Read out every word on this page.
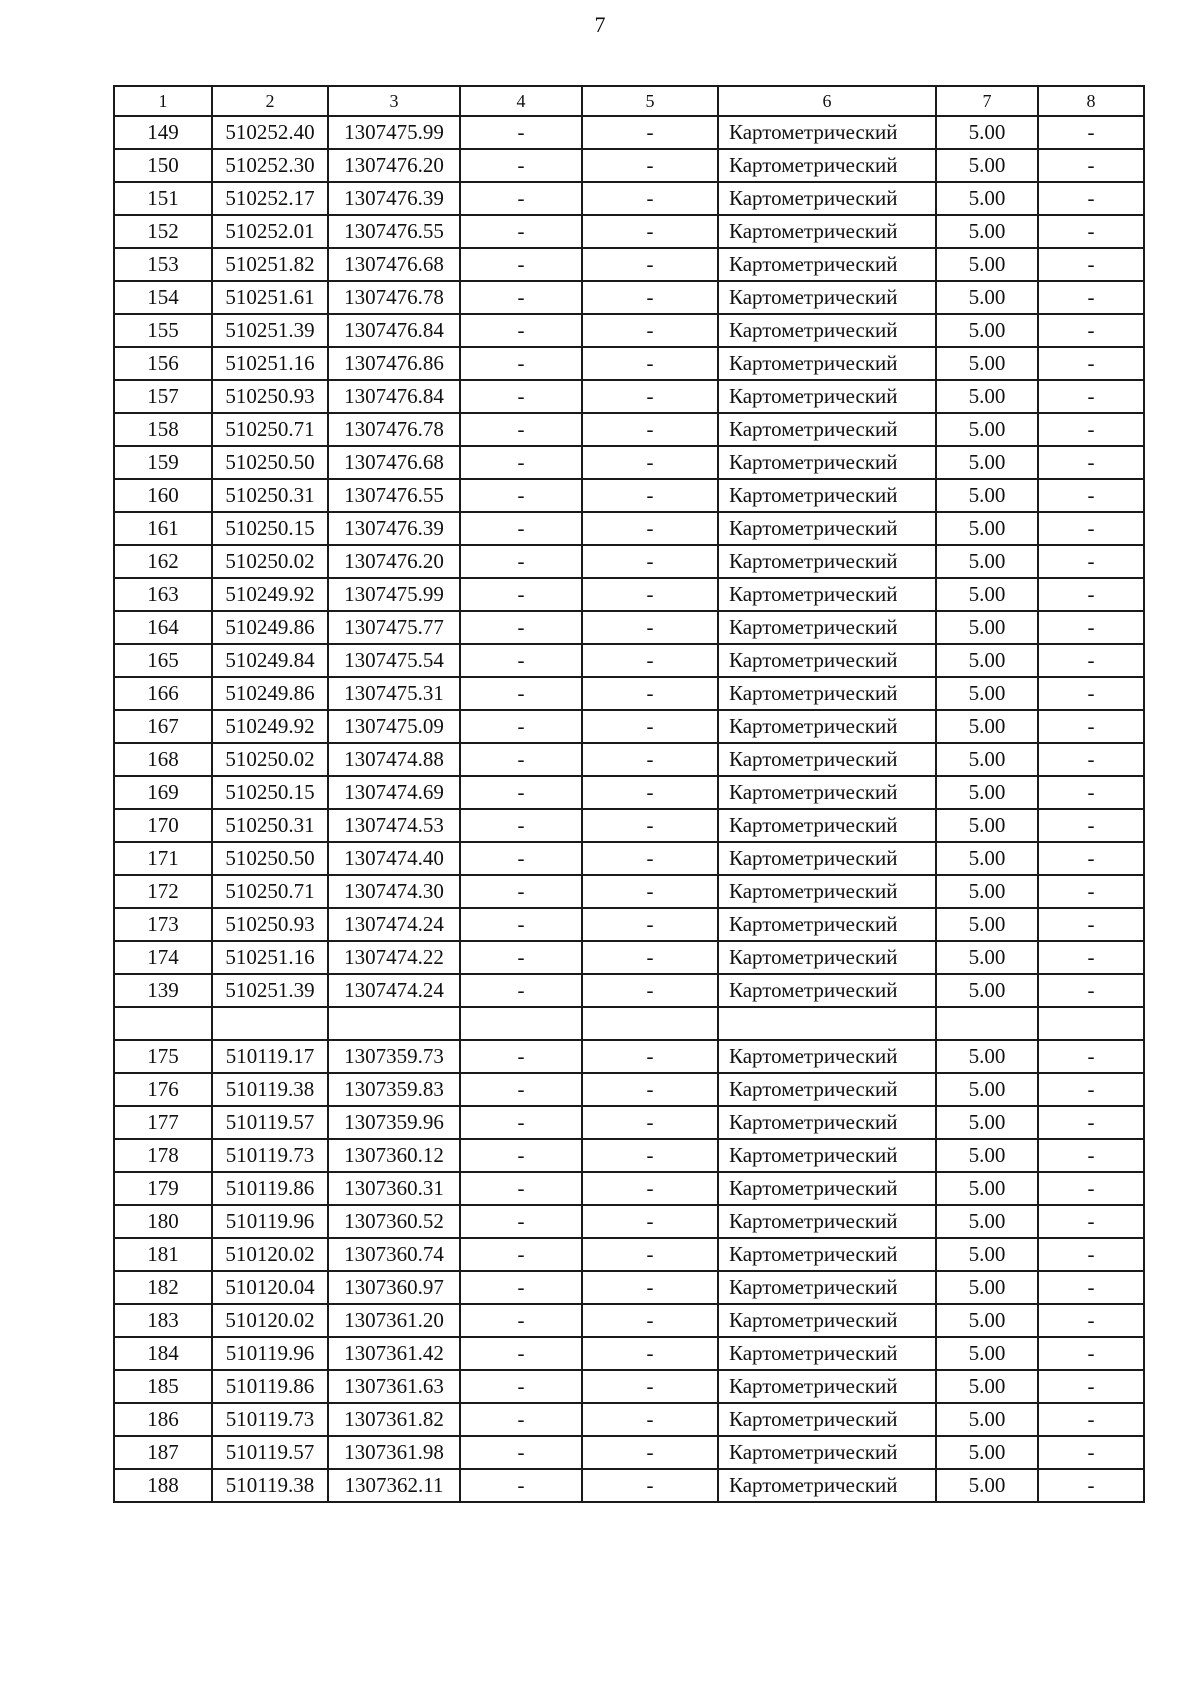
7
1	2	3	4	5	6	7	8
149	510252.40	1307475.99	-	-	Картометрический	5.00	-
150	510252.30	1307476.20	-	-	Картометрический	5.00	-
151	510252.17	1307476.39	-	-	Картометрический	5.00	-
152	510252.01	1307476.55	-	-	Картометрический	5.00	-
153	510251.82	1307476.68	-	-	Картометрический	5.00	-
154	510251.61	1307476.78	-	-	Картометрический	5.00	-
155	510251.39	1307476.84	-	-	Картометрический	5.00	-
156	510251.16	1307476.86	-	-	Картометрический	5.00	-
157	510250.93	1307476.84	-	-	Картометрический	5.00	-
158	510250.71	1307476.78	-	-	Картометрический	5.00	-
159	510250.50	1307476.68	-	-	Картометрический	5.00	-
160	510250.31	1307476.55	-	-	Картометрический	5.00	-
161	510250.15	1307476.39	-	-	Картометрический	5.00	-
162	510250.02	1307476.20	-	-	Картометрический	5.00	-
163	510249.92	1307475.99	-	-	Картометрический	5.00	-
164	510249.86	1307475.77	-	-	Картометрический	5.00	-
165	510249.84	1307475.54	-	-	Картометрический	5.00	-
166	510249.86	1307475.31	-	-	Картометрический	5.00	-
167	510249.92	1307475.09	-	-	Картометрический	5.00	-
168	510250.02	1307474.88	-	-	Картометрический	5.00	-
169	510250.15	1307474.69	-	-	Картометрический	5.00	-
170	510250.31	1307474.53	-	-	Картометрический	5.00	-
171	510250.50	1307474.40	-	-	Картометрический	5.00	-
172	510250.71	1307474.30	-	-	Картометрический	5.00	-
173	510250.93	1307474.24	-	-	Картометрический	5.00	-
174	510251.16	1307474.22	-	-	Картометрический	5.00	-
139	510251.39	1307474.24	-	-	Картометрический	5.00	-

175	510119.17	1307359.73	-	-	Картометрический	5.00	-
176	510119.38	1307359.83	-	-	Картометрический	5.00	-
177	510119.57	1307359.96	-	-	Картометрический	5.00	-
178	510119.73	1307360.12	-	-	Картометрический	5.00	-
179	510119.86	1307360.31	-	-	Картометрический	5.00	-
180	510119.96	1307360.52	-	-	Картометрический	5.00	-
181	510120.02	1307360.74	-	-	Картометрический	5.00	-
182	510120.04	1307360.97	-	-	Картометрический	5.00	-
183	510120.02	1307361.20	-	-	Картометрический	5.00	-
184	510119.96	1307361.42	-	-	Картометрический	5.00	-
185	510119.86	1307361.63	-	-	Картометрический	5.00	-
186	510119.73	1307361.82	-	-	Картометрический	5.00	-
187	510119.57	1307361.98	-	-	Картометрический	5.00	-
188	510119.38	1307362.11	-	-	Картометрический	5.00	-
